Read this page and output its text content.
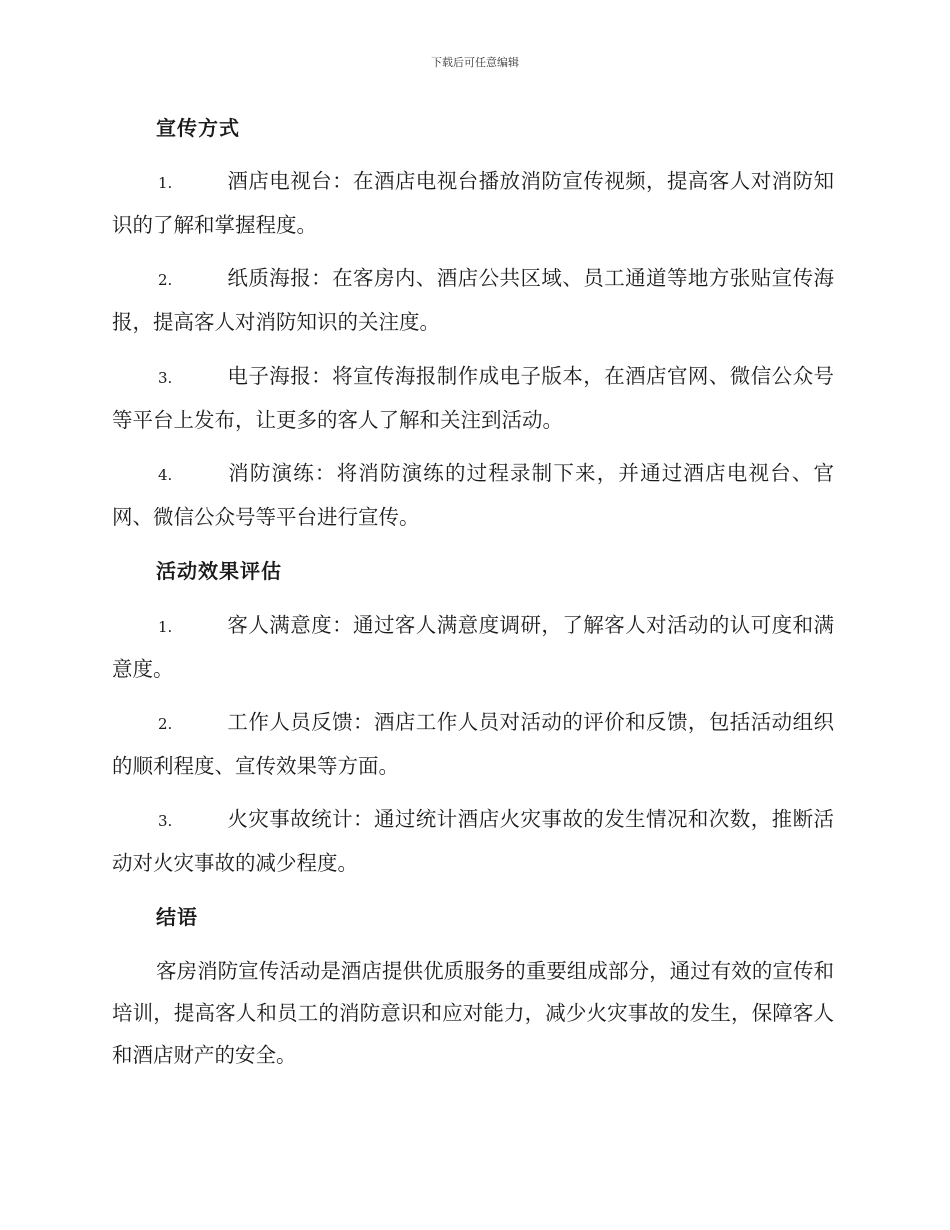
下载后可任意编辑
宣传方式
1.	酒店电视台：在酒店电视台播放消防宣传视频，提高客人对消防知识的了解和掌握程度。
2.	纸质海报：在客房内、酒店公共区域、员工通道等地方张贴宣传海报，提高客人对消防知识的关注度。
3.	电子海报：将宣传海报制作成电子版本，在酒店官网、微信公众号等平台上发布，让更多的客人了解和关注到活动。
4.	消防演练：将消防演练的过程录制下来，并通过酒店电视台、官网、微信公众号等平台进行宣传。
活动效果评估
1.	客人满意度：通过客人满意度调研，了解客人对活动的认可度和满意度。
2.	工作人员反馈：酒店工作人员对活动的评价和反馈，包括活动组织的顺利程度、宣传效果等方面。
3.	火灾事故统计：通过统计酒店火灾事故的发生情况和次数，推断活动对火灾事故的减少程度。
结语
客房消防宣传活动是酒店提供优质服务的重要组成部分，通过有效的宣传和培训，提高客人和员工的消防意识和应对能力，减少火灾事故的发生，保障客人和酒店财产的安全。
